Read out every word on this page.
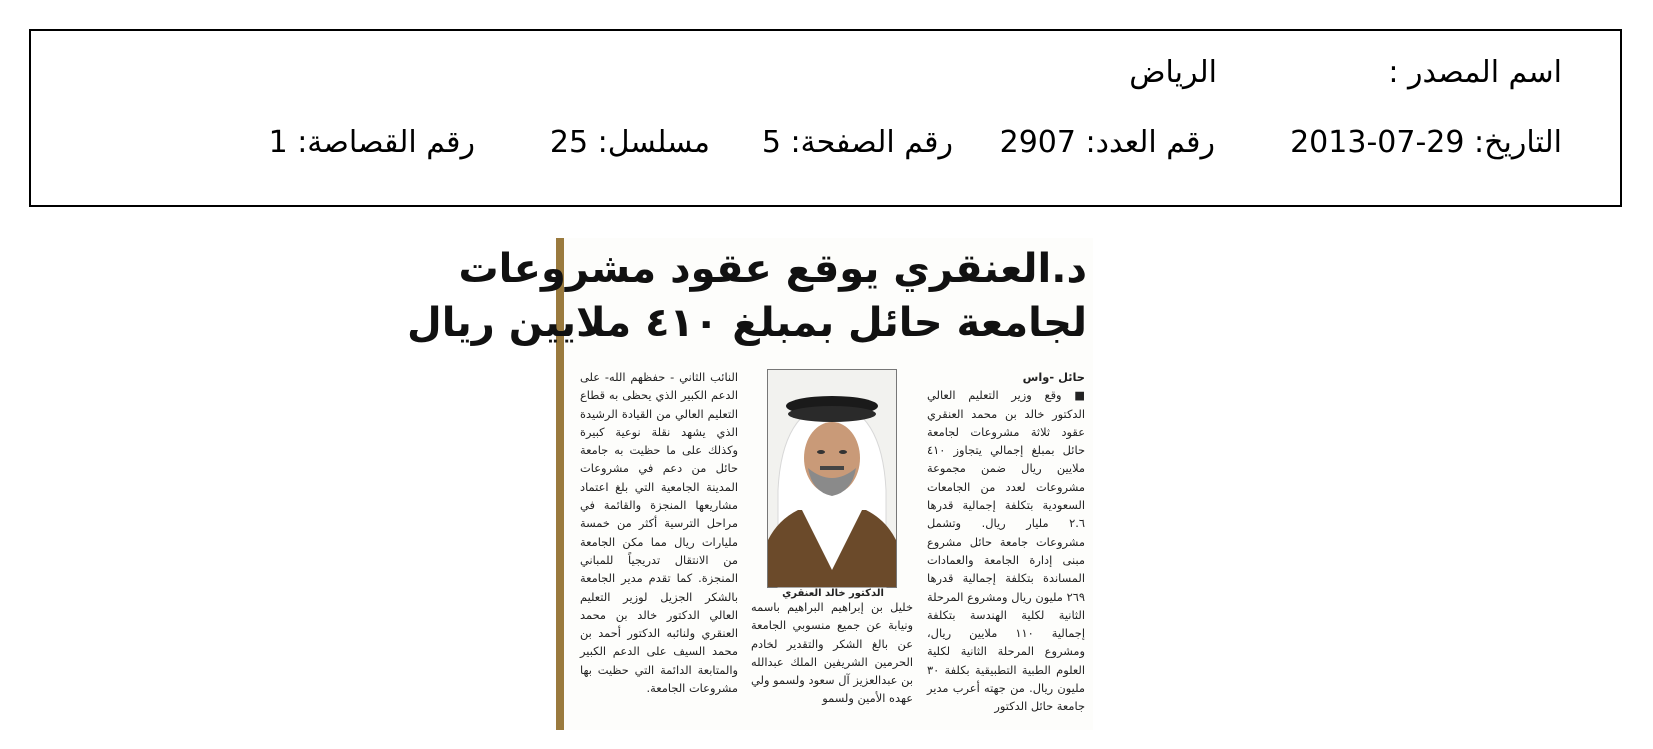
اسم المصدر :
الرياض
التاريخ: 29-07-2013
رقم العدد: 2907
رقم الصفحة: 5
مسلسل: 25
رقم القصاصة: 1
د.العنقري يوقع عقود مشروعات
لجامعة حائل بمبلغ ٤١٠ ملايين ريال
حائل -واس
■ وقع وزير التعليم العالي الدكتور خالد بن محمد العنقري عقود ثلاثة مشروعات لجامعة حائل بمبلغ إجمالي يتجاوز ٤١٠ ملايين ريال ضمن مجموعة مشروعات لعدد من الجامعات السعودية بتكلفة إجمالية قدرها ٢.٦ مليار ريال. وتشمل مشروعات جامعة حائل مشروع مبنى إدارة الجامعة والعمادات المساندة بتكلفة إجمالية قدرها ٢٦٩ مليون ريال ومشروع المرحلة الثانية لكلية الهندسة بتكلفة إجمالية ١١٠ ملايين ريال، ومشروع المرحلة الثانية لكلية العلوم الطبية التطبيقية بكلفة ٣٠ مليون ريال. من جهته أعرب مدير جامعة حائل الدكتور
الدكتور خالد العنقري
خليل بن إبراهيم البراهيم باسمه ونيابة عن جميع منسوبي الجامعة عن بالغ الشكر والتقدير لخادم الحرمين الشريفين الملك عبدالله بن عبدالعزيز آل سعود ولسمو ولي عهده الأمين ولسمو
النائب الثاني - حفظهم الله- على الدعم الكبير الذي يحظى به قطاع التعليم العالي من القيادة الرشيدة الذي يشهد نقلة نوعية كبيرة وكذلك على ما حظيت به جامعة حائل من دعم في مشروعات المدينة الجامعية التي بلغ اعتماد مشاريعها المنجزة والقائمة في مراحل الترسية أكثر من خمسة مليارات ريال مما مكن الجامعة من الانتقال تدريجياً للمباني المنجزة. كما تقدم مدير الجامعة بالشكر الجزيل لوزير التعليم العالي الدكتور خالد بن محمد العنقري ولنائبه الدكتور أحمد بن محمد السيف على الدعم الكبير والمتابعة الدائمة التي حظيت بها مشروعات الجامعة.
